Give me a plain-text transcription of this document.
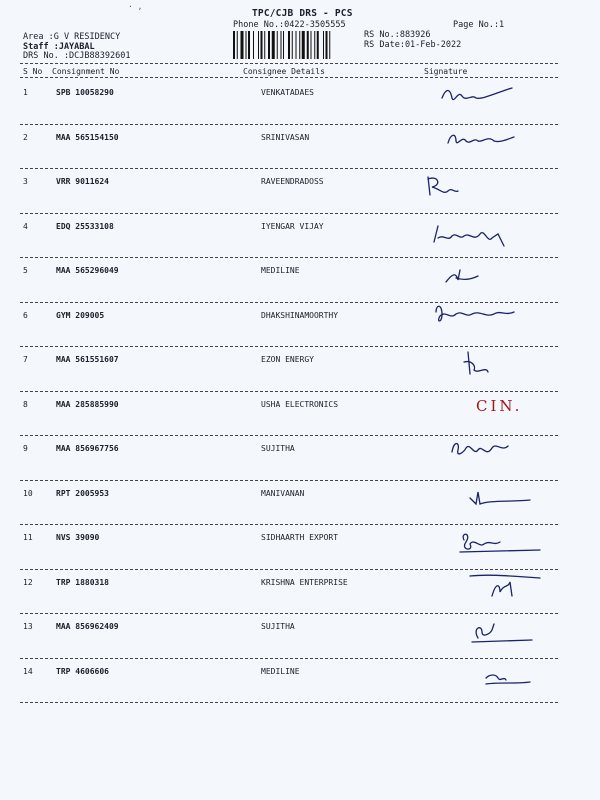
· ,
TPC/CJB DRS - PCS
Phone No.:0422-3505555	Page No.:1
Area :G V RESIDENCY
Staff :JAYABAL
DRS No. :DCJB88392601
RS No.:883926
RS Date:01-Feb-2022
S No Consignment No	Consignee Details	Signature
1	SPB 10058290	VENKATADAES
2	MAA 565154150	SRINIVASAN
3	VRR 9011624	RAVEENDRADOSS
4	EDQ 25533108	IYENGAR VIJAY
5	MAA 565296049	MEDILINE
6	GYM 209005	DHAKSHINAMOORTHY
7	MAA 561551607	EZON ENERGY
8	MAA 285885990	USHA ELECTRONICS	CIN.
9	MAA 856967756	SUJITHA
10	RPT 2005953	MANIVANAN
11	NVS 39090	SIDHAARTH EXPORT
12	TRP 1880318	KRISHNA ENTERPRISE
13	MAA 856962409	SUJITHA
14	TRP 4606606	MEDILINE
